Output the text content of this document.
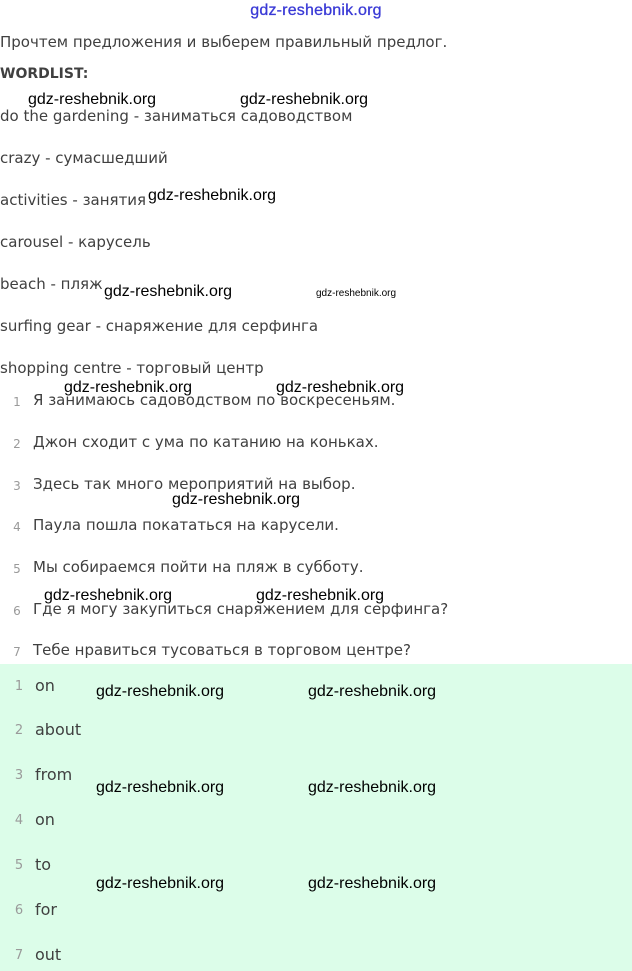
gdz-reshebnik.org
Прочтем предложения и выберем правильный предлог.
WORDLIST:
do the gardening - заниматься садоводством
crazy - сумасшедший
activities - занятия
carousel - карусель
beach - пляж
surfing gear - снаряжение для серфинга
shopping centre - торговый центр
1 Я занимаюсь садоводством по воскресеньям.
2 Джон сходит с ума по катанию на коньках.
3 Здесь так много мероприятий на выбор.
4 Паула пошла покататься на карусели.
5 Мы собираемся пойти на пляж в субботу.
6 Где я могу закупиться снаряжением для серфинга?
7 Тебе нравиться тусоваться в торговом центре?
1 on
2 about
3 from
4 on
5 to
6 for
7 out
gdz-reshebnik.org	gdz-reshebnik.org
gdz-reshebnik.org
gdz-reshebnik.org	gdz-reshebnik.org
gdz-reshebnik.org	gdz-reshebnik.org
gdz-reshebnik.org
gdz-reshebnik.org	gdz-reshebnik.org
gdz-reshebnik.org	gdz-reshebnik.org
gdz-reshebnik.org	gdz-reshebnik.org
gdz-reshebnik.org	gdz-reshebnik.org
